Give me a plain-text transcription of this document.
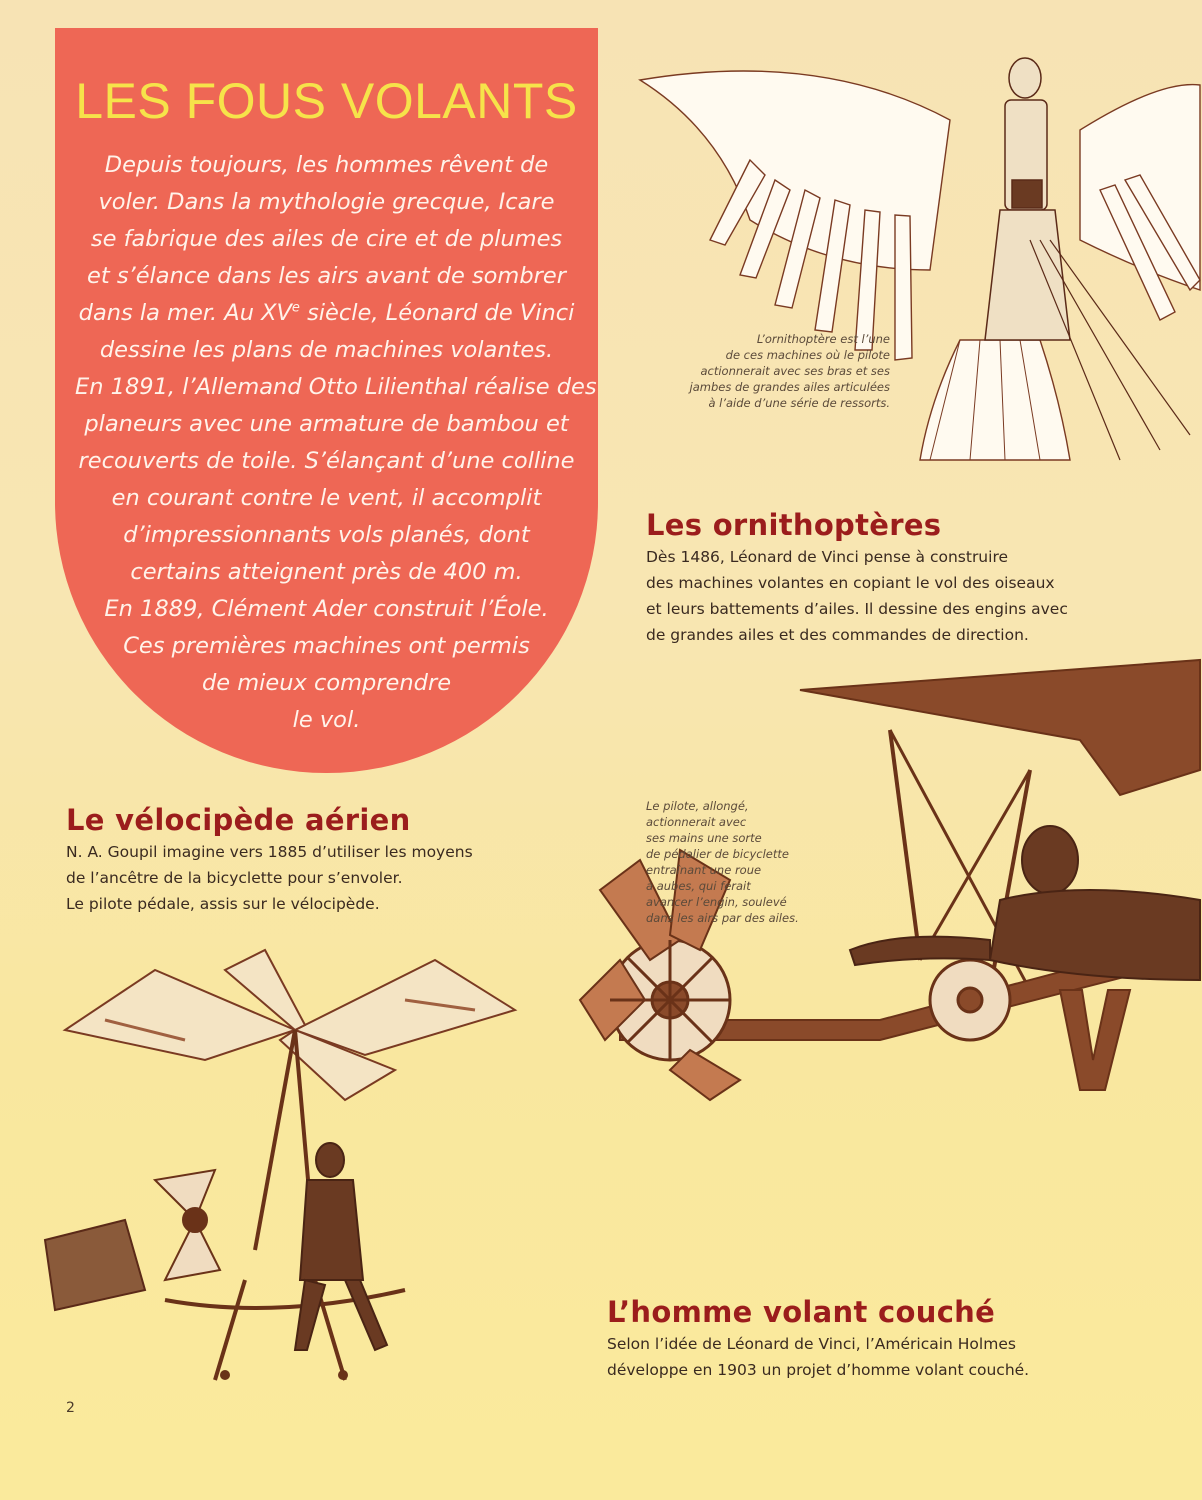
LES FOUS VOLANTS
Depuis toujours, les hommes rêvent de
voler. Dans la mythologie grecque, Icare
se fabrique des ailes de cire et de plumes
et s’élance dans les airs avant de sombrer
dans la mer. Au XVe siècle, Léonard de Vinci
dessine les plans de machines volantes.
En 1891, l’Allemand Otto Lilienthal réalise des
planeurs avec une armature de bambou et
recouverts de toile. S’élançant d’une colline
en courant contre le vent, il accomplit
d’impressionnants vols planés, dont
certains atteignent près de 400 m.
En 1889, Clément Ader construit l’Éole.
Ces premières machines ont permis
de mieux comprendre
le vol.
L’ornithoptère est l’une
de ces machines où le pilote
actionnerait avec ses bras et ses
jambes de grandes ailes articulées
à l’aide d’une série de ressorts.
Les ornithoptères
Dès 1486, Léonard de Vinci pense à construire
des machines volantes en copiant le vol des oiseaux
et leurs battements d’ailes. Il dessine des engins avec
de grandes ailes et des commandes de direction.
Le pilote, allongé,
actionnerait avec
ses mains une sorte
de pédalier de bicyclette
entraînant une roue
à aubes, qui ferait
avancer l’engin, soulevé
dans les airs par des ailes.
Le vélocipède aérien
N. A. Goupil imagine vers 1885 d’utiliser les moyens
de l’ancêtre de la bicyclette pour s’envoler.
Le pilote pédale, assis sur le vélocipède.
L’homme volant couché
Selon l’idée de Léonard de Vinci, l’Américain Holmes
développe en 1903 un projet d’homme volant couché.
2
